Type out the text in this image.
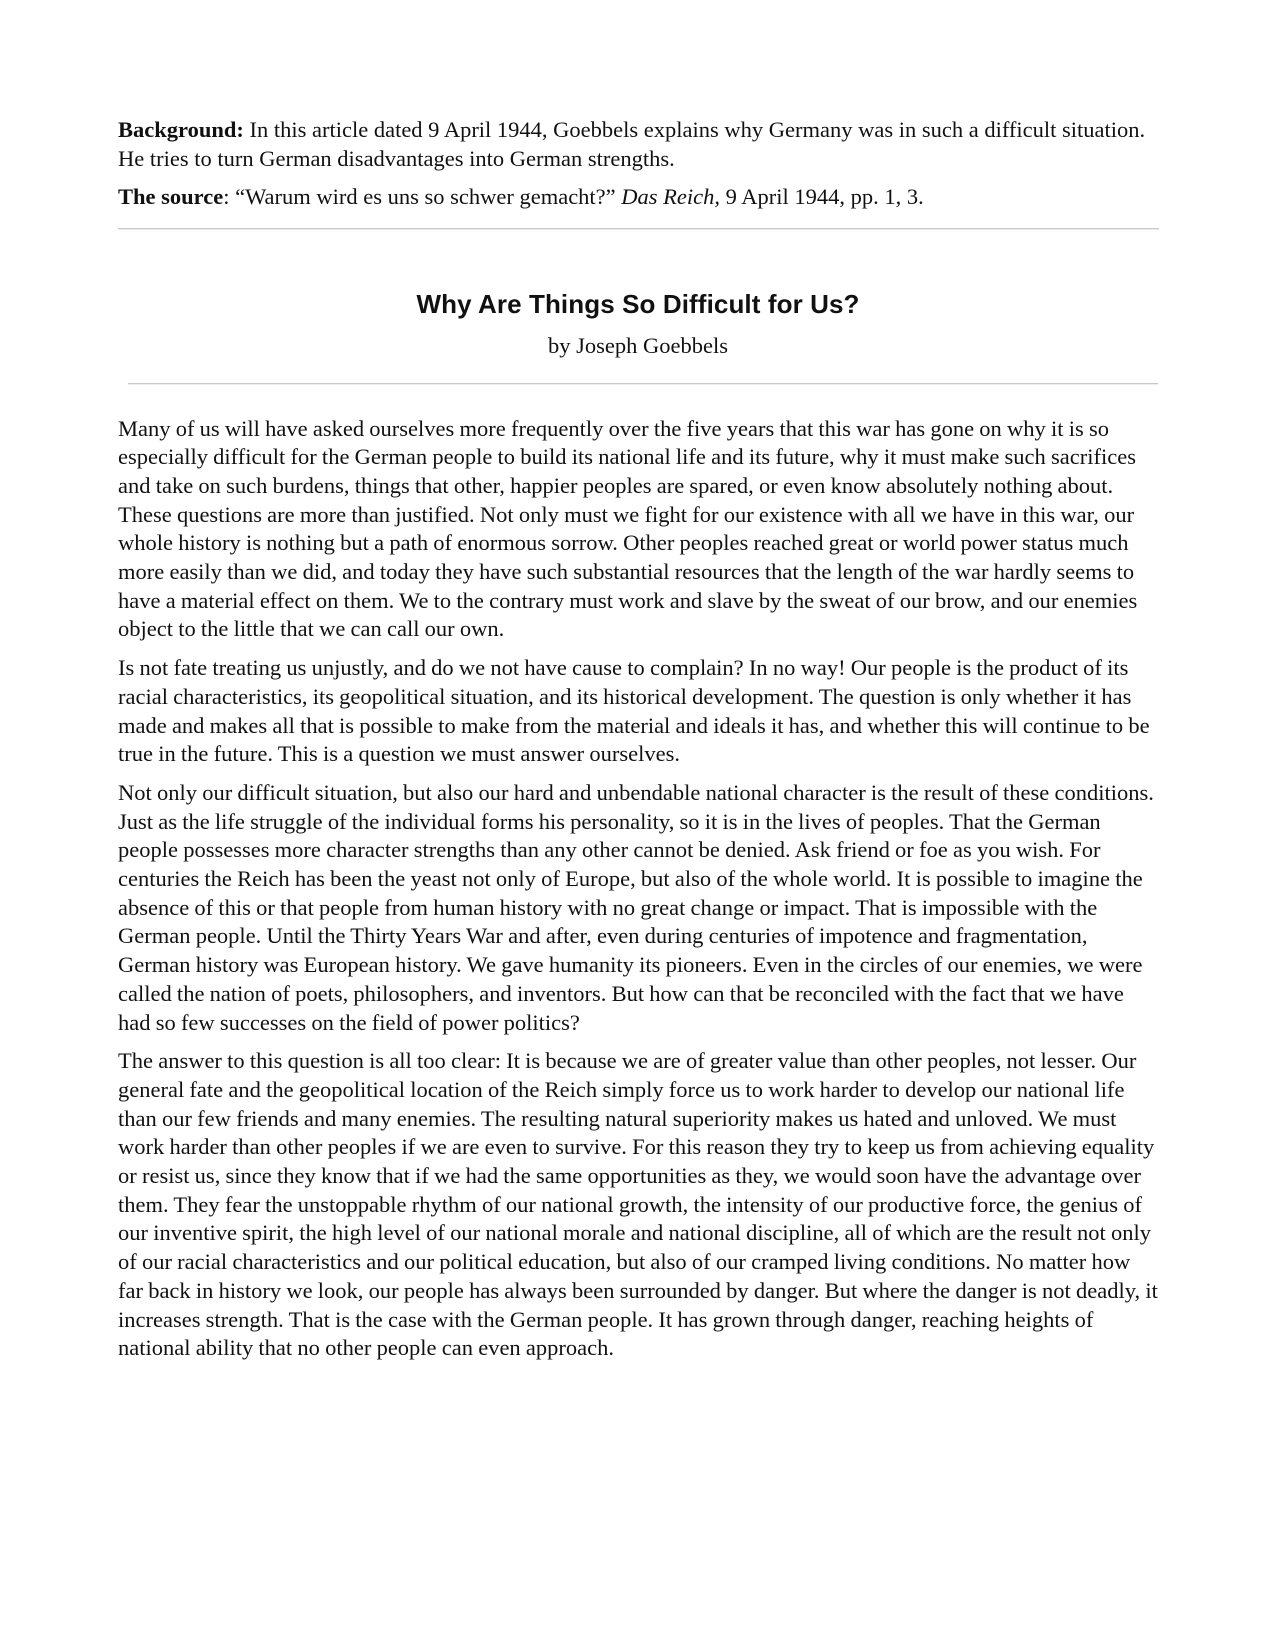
Background: In this article dated 9 April 1944, Goebbels explains why Germany was in such a difficult situation. He tries to turn German disadvantages into German strengths.

The source: “Warum wird es uns so schwer gemacht?” Das Reich, 9 April 1944, pp. 1, 3.

Why Are Things So Difficult for Us?
by Joseph Goebbels

Many of us will have asked ourselves more frequently over the five years that this war has gone on why it is so especially difficult for the German people to build its national life and its future, why it must make such sacrifices and take on such burdens, things that other, happier peoples are spared, or even know absolutely nothing about. These questions are more than justified. Not only must we fight for our existence with all we have in this war, our whole history is nothing but a path of enormous sorrow. Other peoples reached great or world power status much more easily than we did, and today they have such substantial resources that the length of the war hardly seems to have a material effect on them. We to the contrary must work and slave by the sweat of our brow, and our enemies object to the little that we can call our own.

Is not fate treating us unjustly, and do we not have cause to complain? In no way! Our people is the product of its racial characteristics, its geopolitical situation, and its historical development. The question is only whether it has made and makes all that is possible to make from the material and ideals it has, and whether this will continue to be true in the future. This is a question we must answer ourselves.

Not only our difficult situation, but also our hard and unbendable national character is the result of these conditions. Just as the life struggle of the individual forms his personality, so it is in the lives of peoples. That the German people possesses more character strengths than any other cannot be denied. Ask friend or foe as you wish. For centuries the Reich has been the yeast not only of Europe, but also of the whole world. It is possible to imagine the absence of this or that people from human history with no great change or impact. That is impossible with the German people. Until the Thirty Years War and after, even during centuries of impotence and fragmentation, German history was European history. We gave humanity its pioneers. Even in the circles of our enemies, we were called the nation of poets, philosophers, and inventors. But how can that be reconciled with the fact that we have had so few successes on the field of power politics?

The answer to this question is all too clear: It is because we are of greater value than other peoples, not lesser. Our general fate and the geopolitical location of the Reich simply force us to work harder to develop our national life than our few friends and many enemies. The resulting natural superiority makes us hated and unloved. We must work harder than other peoples if we are even to survive. For this reason they try to keep us from achieving equality or resist us, since they know that if we had the same opportunities as they, we would soon have the advantage over them. They fear the unstoppable rhythm of our national growth, the intensity of our productive force, the genius of our inventive spirit, the high level of our national morale and national discipline, all of which are the result not only of our racial characteristics and our political education, but also of our cramped living conditions. No matter how far back in history we look, our people has always been surrounded by danger. But where the danger is not deadly, it increases strength. That is the case with the German people. It has grown through danger, reaching heights of national ability that no other people can even approach.
